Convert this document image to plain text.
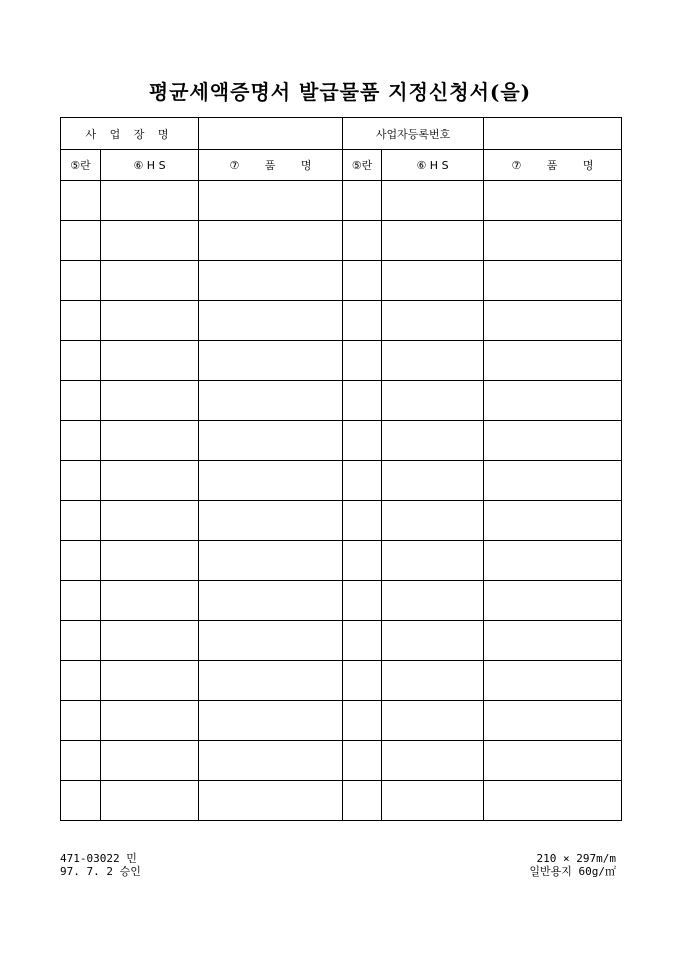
평균세액증명서 발급물품 지정신청서(을)
사 업 장 명			사업자등록번호		
⑤란	⑥ H S	⑦ 품 명	⑤란	⑥ H S	⑦ 품 명

471-03022 민
97. 7. 2 승인
210 × 297m/m
일반용지 60g/㎡
